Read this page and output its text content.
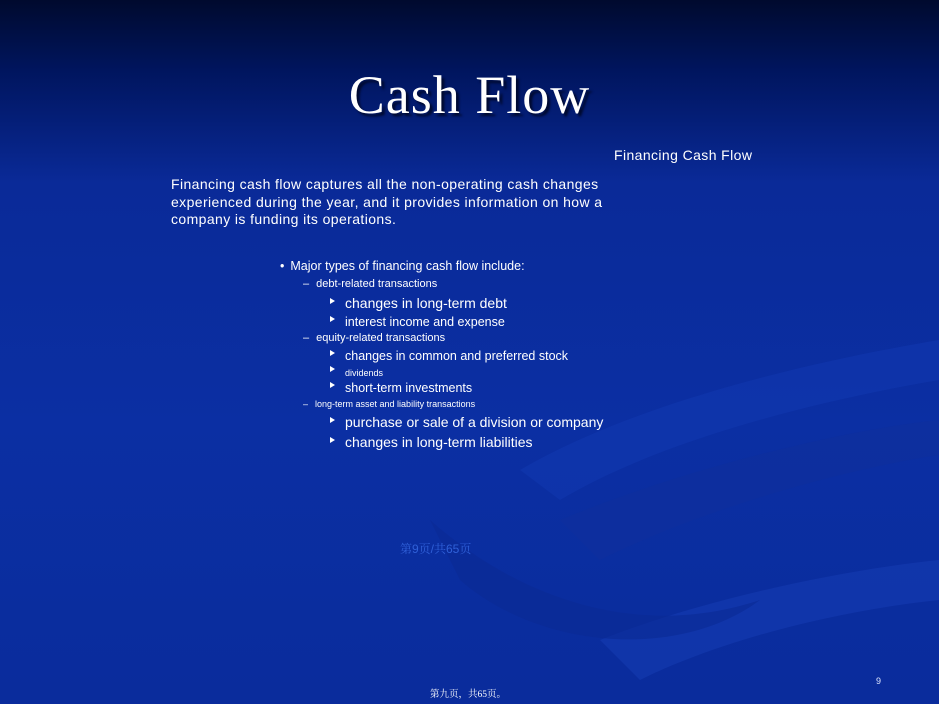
Cash Flow
Financing Cash Flow
Financing cash flow captures all the non-operating cash changes experienced during the year, and it provides information on how a company is funding its operations.
• Major types of financing cash flow include:
– debt-related transactions
changes in long-term debt
interest income and expense
– equity-related transactions
changes in common and preferred stock
dividends
short-term investments
– long-term asset and liability transactions
purchase or sale of a division or company
changes in long-term liabilities
第9页/共65页
9
第九页，共65页。
